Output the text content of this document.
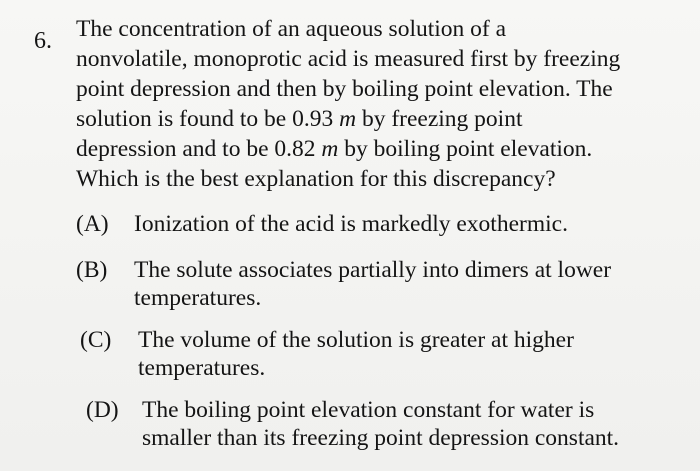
6. The concentration of an aqueous solution of a
nonvolatile, monoprotic acid is measured first by freezing
point depression and then by boiling point elevation. The
solution is found to be 0.93 m by freezing point
depression and to be 0.82 m by boiling point elevation.
Which is the best explanation for this discrepancy?
(A) Ionization of the acid is markedly exothermic.
(B) The solute associates partially into dimers at lower
temperatures.
(C) The volume of the solution is greater at higher
temperatures.
(D) The boiling point elevation constant for water is
smaller than its freezing point depression constant.
